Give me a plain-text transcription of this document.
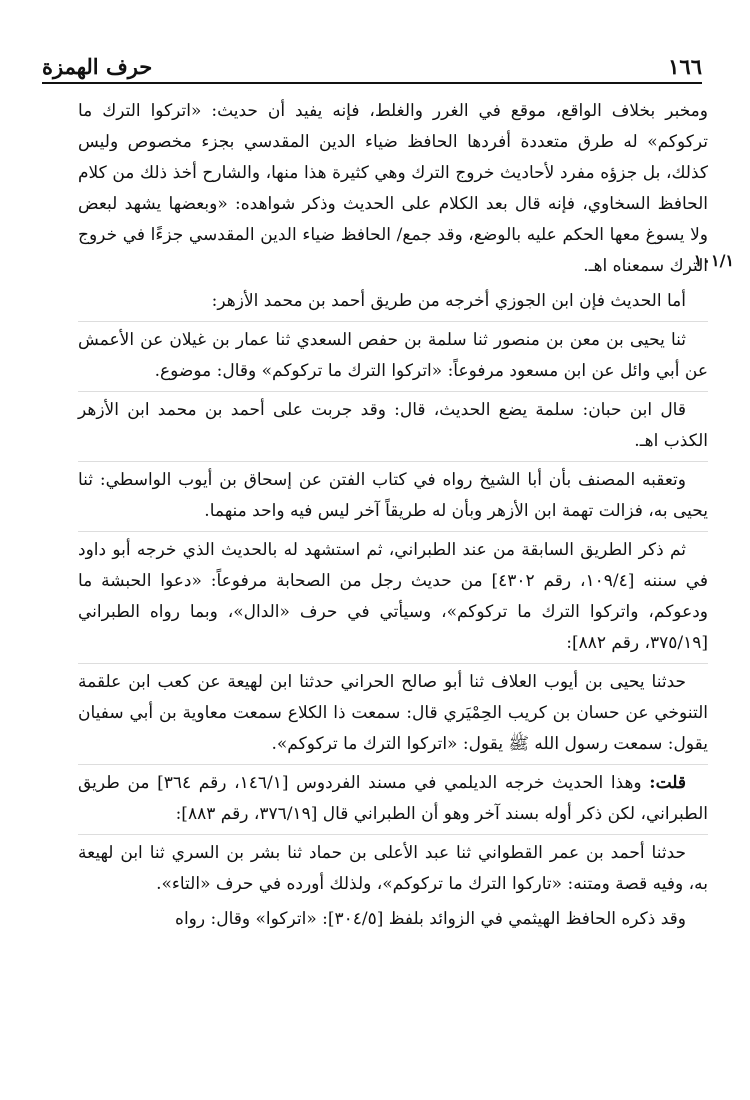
حرف الهمزة	١٦٦
١٠١/١

ومخبر بخلاف الواقع، موقع في الغرر والغلط، فإنه يفيد أن حديث: «اتركوا الترك ما تركوكم» له طرق متعددة أفردها الحافظ ضياء الدين المقدسي بجزء مخصوص وليس كذلك، بل جزؤه مفرد لأحاديث خروج الترك وهي كثيرة هذا منها، والشارح أخذ ذلك من كلام الحافظ السخاوي، فإنه قال بعد الكلام على الحديث وذكر شواهده: «وبعضها يشهد لبعض ولا يسوغ معها الحكم عليه بالوضع، وقد جمع/ الحافظ ضياء الدين المقدسي جزءًا في خروج الترك سمعناه اهـ.

أما الحديث فإن ابن الجوزي أخرجه من طريق أحمد بن محمد الأزهر:

ثنا يحيى بن معن بن منصور ثنا سلمة بن حفص السعدي ثنا عمار بن غيلان عن الأعمش عن أبي وائل عن ابن مسعود مرفوعاً: «اتركوا الترك ما تركوكم» وقال: موضوع.

قال ابن حبان: سلمة يضع الحديث، قال: وقد جربت على أحمد بن محمد ابن الأزهر الكذب اهـ.

وتعقبه المصنف بأن أبا الشيخ رواه في كتاب الفتن عن إسحاق بن أيوب الواسطي: ثنا يحيى به، فزالت تهمة ابن الأزهر وبأن له طريقاً آخر ليس فيه واحد منهما.

ثم ذكر الطريق السابقة من عند الطبراني، ثم استشهد له بالحديث الذي خرجه أبو داود في سننه [١٠٩/٤، رقم ٤٣٠٢] من حديث رجل من الصحابة مرفوعاً: «دعوا الحبشة ما ودعوكم، واتركوا الترك ما تركوكم»، وسيأتي في حرف «الدال»، وبما رواه الطبراني [٣٧٥/١٩، رقم ٨٨٢]:

حدثنا يحيى بن أيوب العلاف ثنا أبو صالح الحراني حدثنا ابن لهيعة عن كعب ابن علقمة التنوخي عن حسان بن كريب الحِمْيَري قال: سمعت ذا الكلاع سمعت معاوية بن أبي سفيان يقول: سمعت رسول الله ﷺ يقول: «اتركوا الترك ما تركوكم».

قلت: وهذا الحديث خرجه الديلمي في مسند الفردوس [١٤٦/١، رقم ٣٦٤] من طريق الطبراني، لكن ذكر أوله بسند آخر وهو أن الطبراني قال [٣٧٦/١٩، رقم ٨٨٣]:

حدثنا أحمد بن عمر القطواني ثنا عبد الأعلى بن حماد ثنا بشر بن السري ثنا ابن لهيعة به، وفيه قصة ومتنه: «تاركوا الترك ما تركوكم»، ولذلك أورده في حرف «التاء».

وقد ذكره الحافظ الهيثمي في الزوائد بلفظ [٣٠٤/٥]: «اتركوا» وقال: رواه
